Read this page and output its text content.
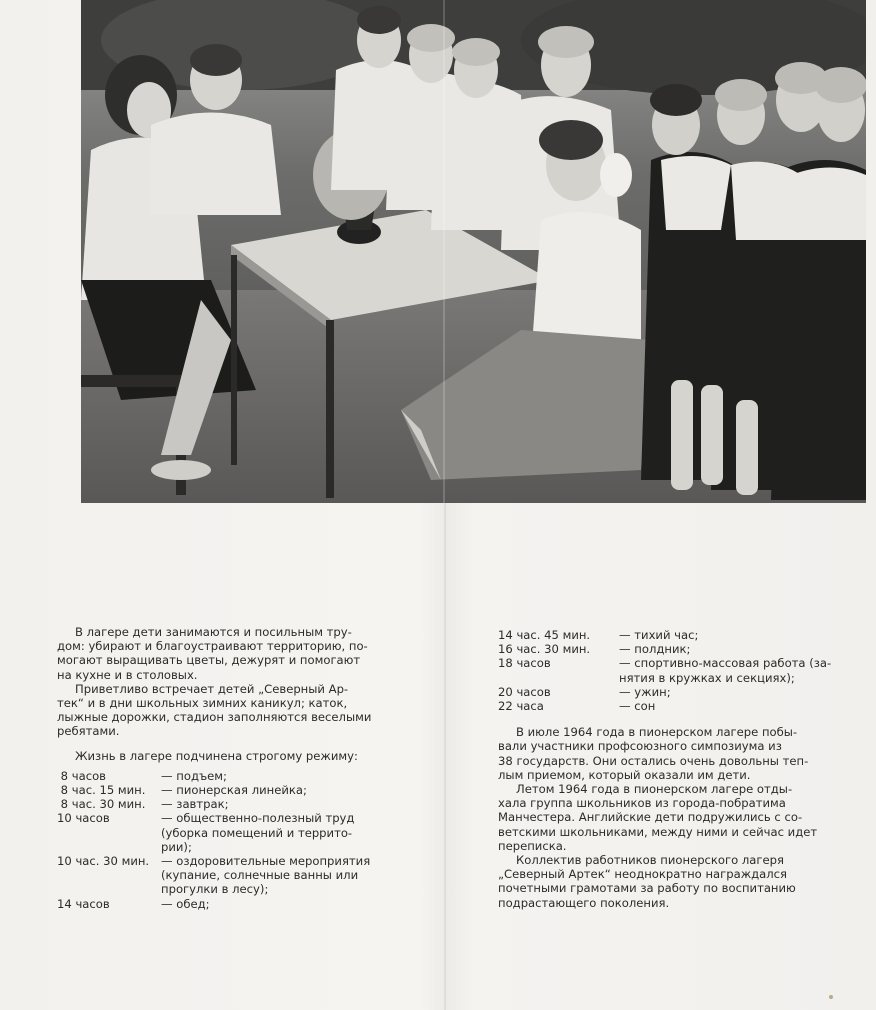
В лагере дети занимаются и посильным тру-
дом: убирают и благоустраивают территорию, по-
могают выращивать цветы, дежурят и помогают
на кухне и в столовых.

Приветливо встречает детей „Северный Ар-
тек“ и в дни школьных зимних каникул; каток,
лыжные дорожки, стадион заполняются веселыми
ребятами.

Жизнь в лагере подчинена строгому режиму:

8 часов	— подъем;
8 час. 15 мин.	— пионерская линейка;
8 час. 30 мин.	— завтрак;
10 часов	— общественно-полезный труд
(уборка помещений и террито-
рии);
10 час. 30 мин.	— оздоровительные мероприятия
(купание, солнечные ванны или
прогулки в лесу);
14 часов	— обед;
14 час. 45 мин.	— тихий час;
16 час. 30 мин.	— полдник;
18 часов	— спортивно-массовая работа (за-
нятия в кружках и секциях);
20 часов	— ужин;
22 часа	— сон

В июле 1964 года в пионерском лагере побы-
вали участники профсоюзного симпозиума из
38 государств. Они остались очень довольны теп-
лым приемом, который оказали им дети.

Летом 1964 года в пионерском лагере отды-
хала группа школьников из города-побратима
Манчестера. Английские дети подружились с со-
ветскими школьниками, между ними и сейчас идет
переписка.

Коллектив работников пионерского лагеря
„Северный Артек“ неоднократно награждался
почетными грамотами за работу по воспитанию
подрастающего поколения.
